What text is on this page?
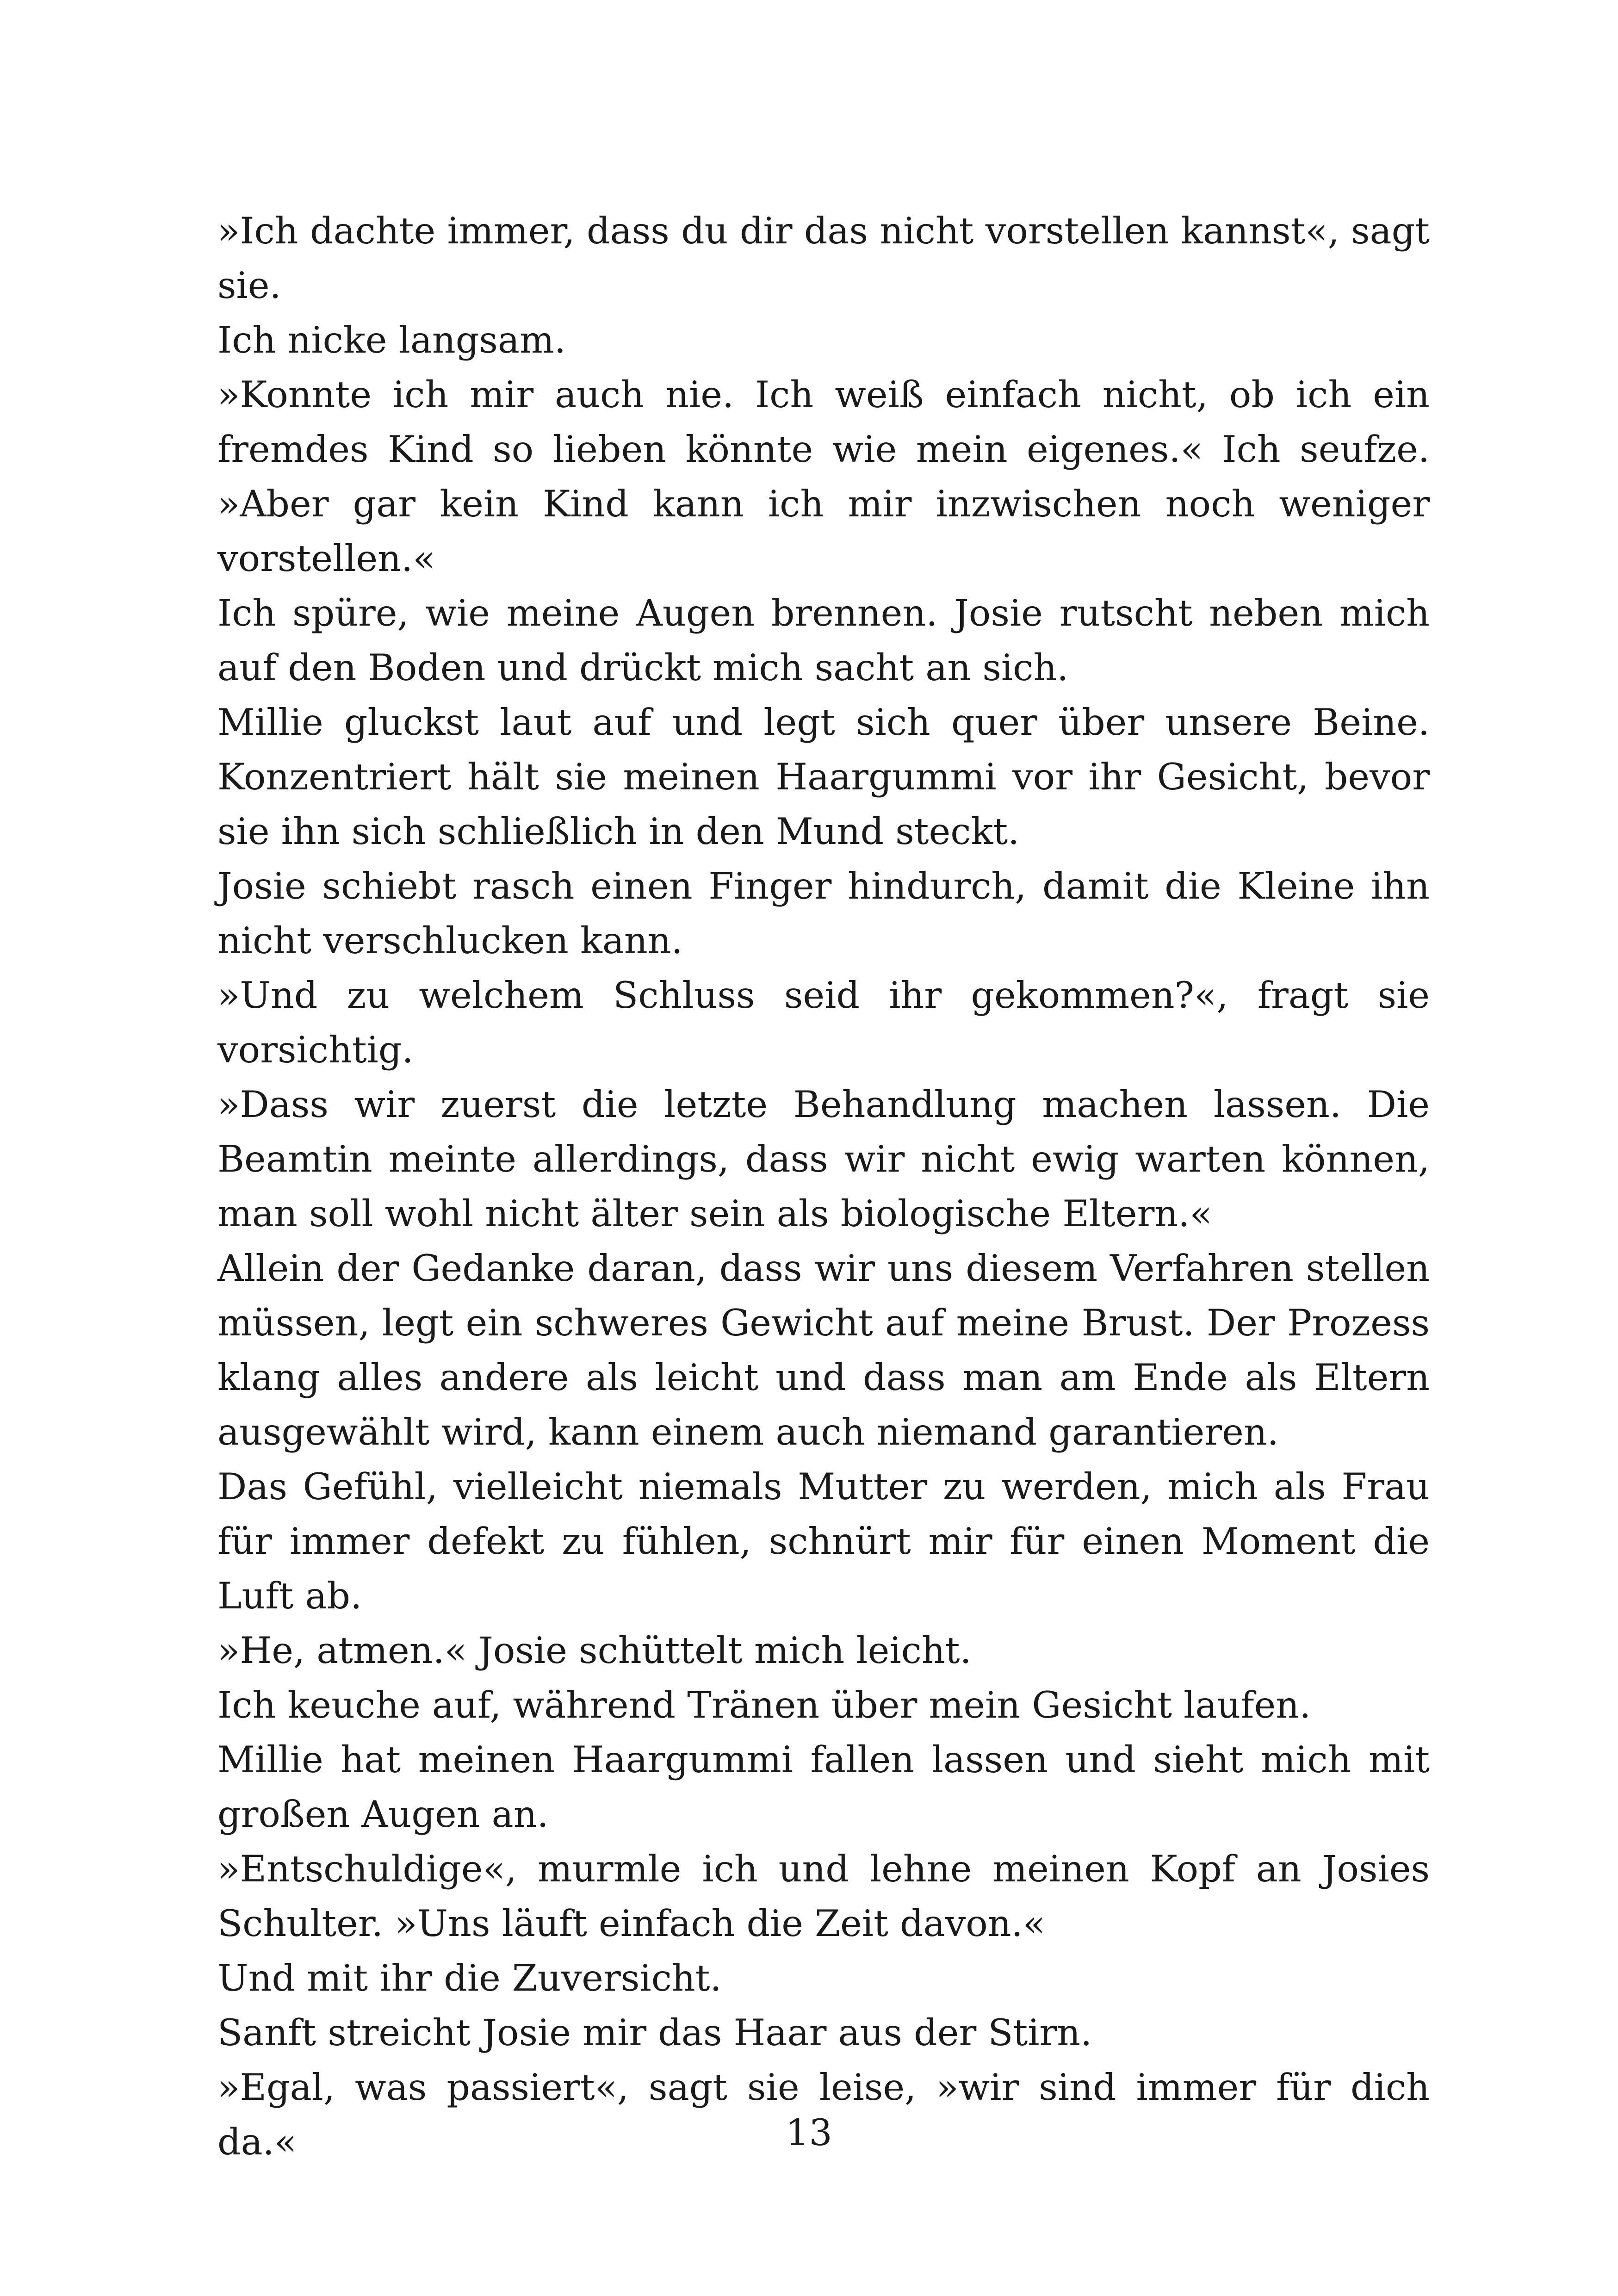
»Ich dachte immer, dass du dir das nicht vorstellen kannst«, sagt sie.

Ich nicke langsam.

»Konnte ich mir auch nie. Ich weiß einfach nicht, ob ich ein fremdes Kind so lieben könnte wie mein eigenes.« Ich seufze. »Aber gar kein Kind kann ich mir inzwischen noch weniger vorstellen.«

Ich spüre, wie meine Augen brennen. Josie rutscht neben mich auf den Boden und drückt mich sacht an sich.

Millie gluckst laut auf und legt sich quer über unsere Beine. Konzentriert hält sie meinen Haargummi vor ihr Gesicht, bevor sie ihn sich schließlich in den Mund steckt.

Josie schiebt rasch einen Finger hindurch, damit die Kleine ihn nicht verschlucken kann.

»Und zu welchem Schluss seid ihr gekommen?«, fragt sie vorsichtig.

»Dass wir zuerst die letzte Behandlung machen lassen. Die Beamtin meinte allerdings, dass wir nicht ewig warten können, man soll wohl nicht älter sein als biologische Eltern.«

Allein der Gedanke daran, dass wir uns diesem Verfahren stellen müssen, legt ein schweres Gewicht auf meine Brust. Der Prozess klang alles andere als leicht und dass man am Ende als Eltern ausgewählt wird, kann einem auch niemand garantieren.

Das Gefühl, vielleicht niemals Mutter zu werden, mich als Frau für immer defekt zu fühlen, schnürt mir für einen Moment die Luft ab.

»He, atmen.« Josie schüttelt mich leicht.

Ich keuche auf, während Tränen über mein Gesicht laufen.

Millie hat meinen Haargummi fallen lassen und sieht mich mit großen Augen an.

»Entschuldige«, murmle ich und lehne meinen Kopf an Josies Schulter. »Uns läuft einfach die Zeit davon.«

Und mit ihr die Zuversicht.

Sanft streicht Josie mir das Haar aus der Stirn.

»Egal, was passiert«, sagt sie leise, »wir sind immer für dich da.«	13
